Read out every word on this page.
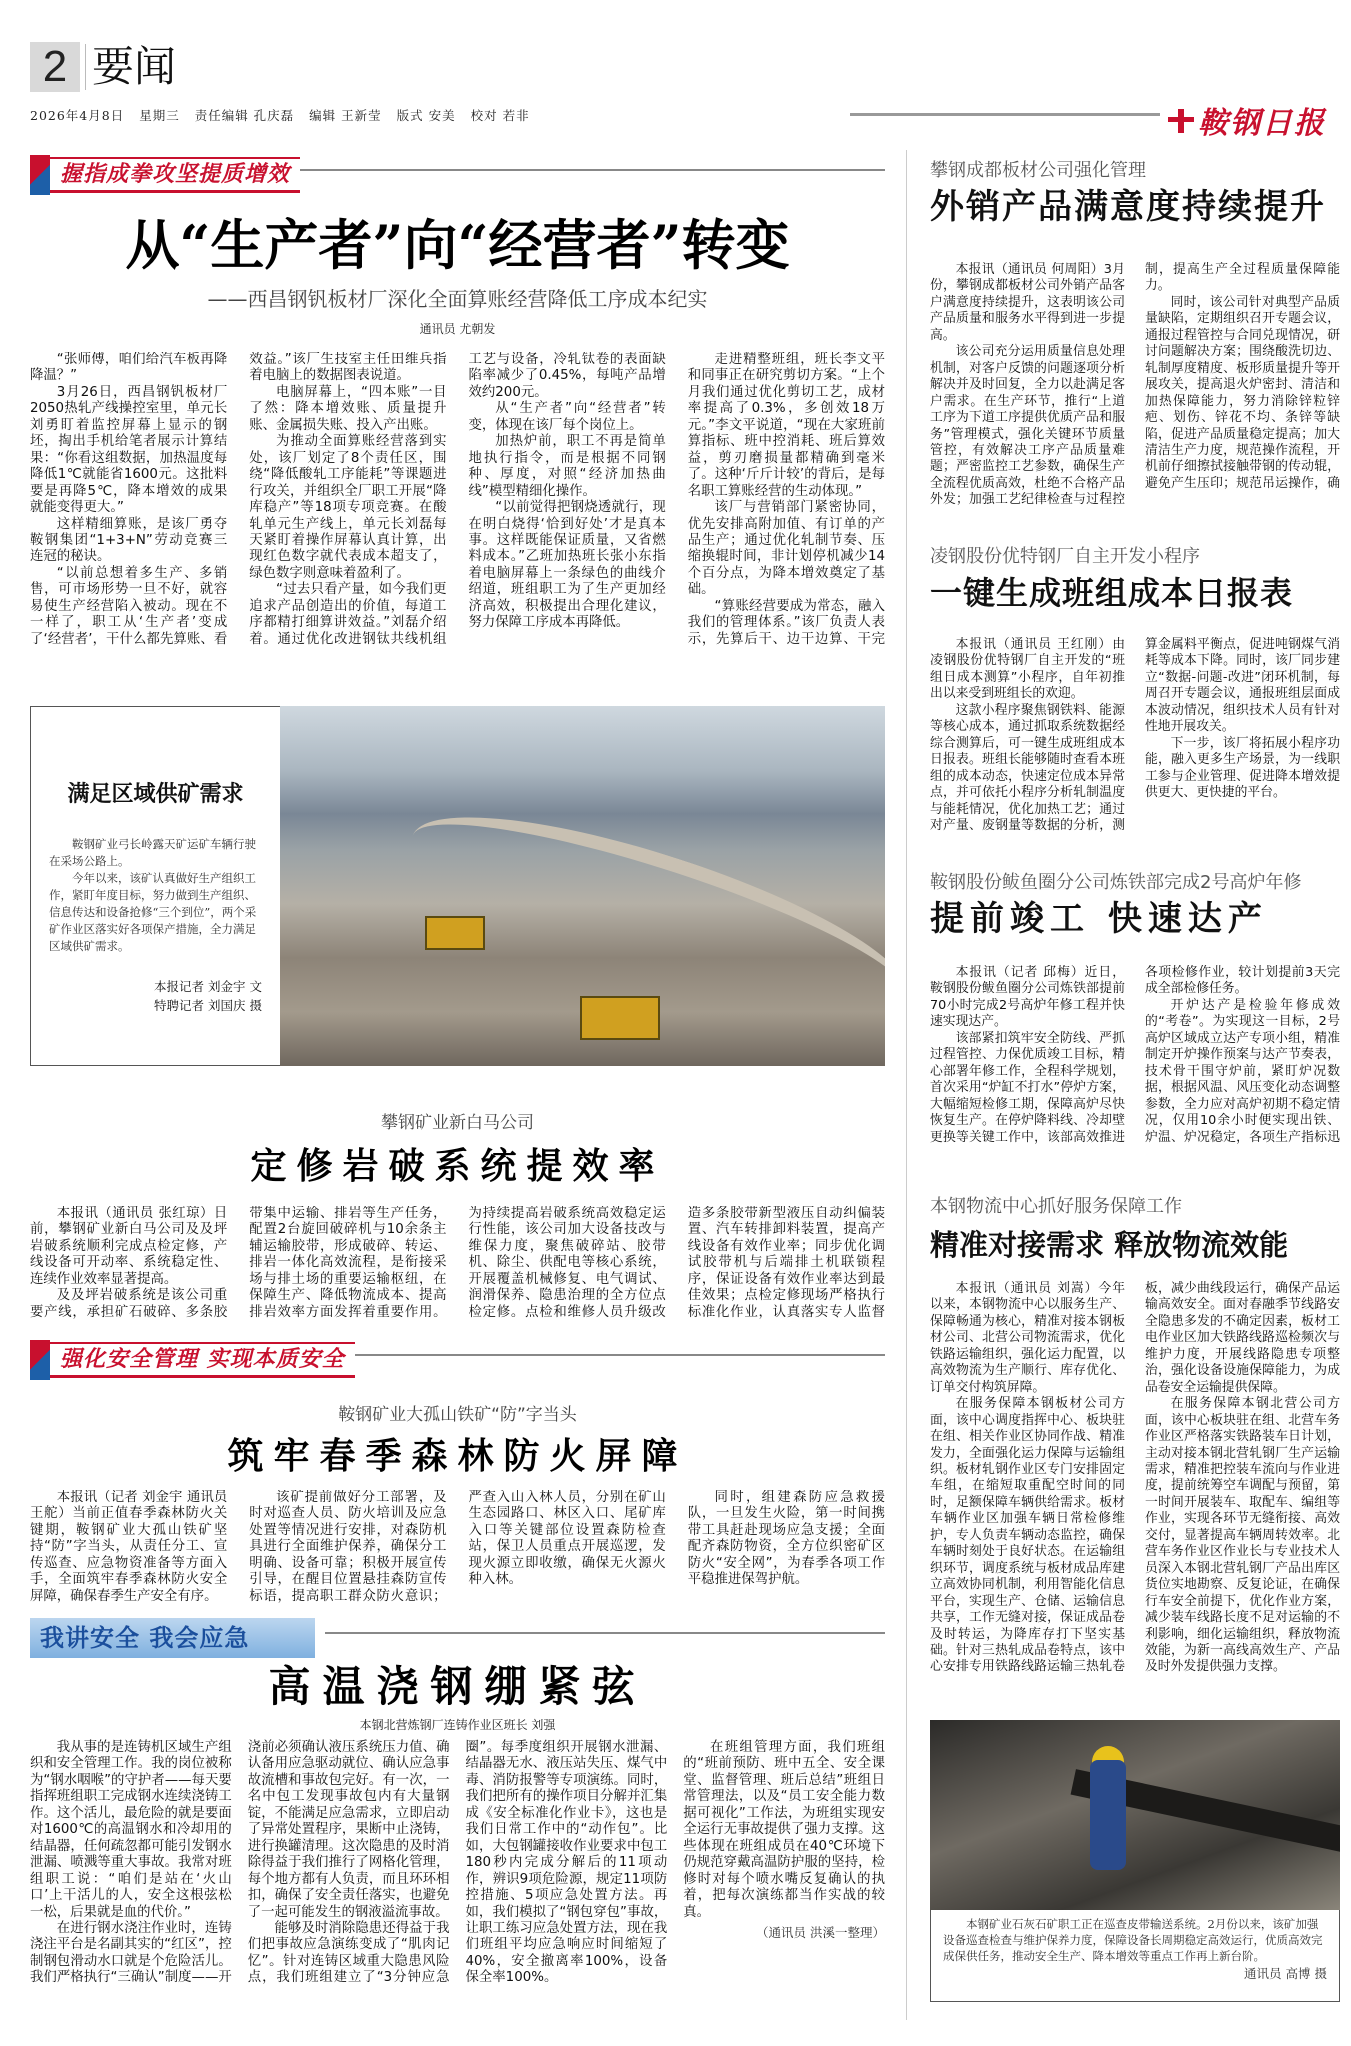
2 要闻
2026年4月8日 星期三 责任编辑 孔庆磊 编辑 王新莹 版式 安美 校对 若非	鞍钢日报
握指成拳攻坚提质增效
从“生产者”向“经营者”转变
——西昌钢钒板材厂深化全面算账经营降低工序成本纪实
通讯员 尤朝发

“张师傅，咱们给汽车板再降降温？”

3月26日，西昌钢钒板材厂2050热轧产线操控室里，单元长刘勇盯着监控屏幕上显示的钢坯，掏出手机给笔者展示计算结果：“你看这组数据，加热温度每降低1℃就能省1600元。这批料要是再降5℃，降本增效的成果就能变得更大。”

这样精细算账，是该厂勇夺鞍钢集团“1+3+N”劳动竞赛三连冠的秘诀。

“以前总想着多生产、多销售，可市场形势一旦不好，就容易使生产经营陷入被动。现在不一样了，职工从‘生产者’变成了‘经营者’，干什么都先算账、看效益。”该厂生技室主任田维兵指着电脑上的数据图表说道。

电脑屏幕上，“四本账”一目了然：降本增效账、质量提升账、金属损失账、投入产出账。

为推动全面算账经营落到实处，该厂划定了8个责任区，围绕“降低酸轧工序能耗”等课题进行攻关，并组织全厂职工开展“降库稳产”等18项专项竞赛。在酸轧单元生产线上，单元长刘磊每天紧盯着操作屏幕认真计算，出现红色数字就代表成本超支了，绿色数字则意味着盈利了。

“过去只看产量，如今我们更追求产品创造出的价值，每道工序都精打细算讲效益。”刘磊介绍着。通过优化改进钢钛共线机组工艺与设备，冷轧钛卷的表面缺陷率减少了0.45%，每吨产品增效约200元。

从“生产者”向“经营者”转变，体现在该厂每个岗位上。

加热炉前，职工不再是简单地执行指令，而是根据不同钢种、厚度，对照“经济加热曲线”模型精细化操作。

“以前觉得把钢烧透就行，现在明白烧得‘恰到好处’才是真本事。这样既能保证质量，又省燃料成本。”乙班加热班长张小东指着电脑屏幕上一条绿色的曲线介绍道，班组职工为了生产更加经济高效，积极提出合理化建议，努力保障工序成本再降低。

走进精整班组，班长李文平和同事正在研究剪切方案。“上个月我们通过优化剪切工艺，成材率提高了0.3%，多创效18万元。”李文平说道，“现在大家班前算指标、班中控消耗、班后算效益，剪刃磨损量都精确到毫米了。这种‘斤斤计较’的背后，是每名职工算账经营的生动体现。”

该厂与营销部门紧密协同，优先安排高附加值、有订单的产品生产；通过优化轧制节奏、压缩换辊时间，非计划停机减少14个百分点，为降本增效奠定了基础。

“算账经营要成为常态，融入我们的管理体系。”该厂负责人表示，先算后干、边干边算、干完

满足区域供矿需求

鞍钢矿业弓长岭露天矿运矿车辆行驶在采场公路上。

今年以来，该矿认真做好生产组织工作，紧盯年度目标，努力做到生产组织、信息传达和设备抢修“三个到位”，两个采矿作业区落实好各项保产措施，全力满足区域供矿需求。

本报记者 刘金宇 文
特聘记者 刘国庆 摄
攀钢矿业新白马公司
定修岩破系统提效率

本报讯（通讯员 张红琼）日前，攀钢矿业新白马公司及及坪岩破系统顺利完成点检定修，产线设备可开动率、系统稳定性、连续作业效率显著提高。

及及坪岩破系统是该公司重要产线，承担矿石破碎、多条胶带集中运输、排岩等生产任务，配置2台旋回破碎机与10余条主辅运输胶带，形成破碎、转运、排岩一体化高效流程，是衔接采场与排土场的重要运输枢纽，在保障生产、降低物流成本、提高排岩效率方面发挥着重要作用。为持续提高岩破系统高效稳定运行性能，该公司加大设备技改与维保力度，聚焦破碎站、胶带机、除尘、供配电等核心系统，开展覆盖机械修复、电气调试、润滑保养、隐患治理的全方位点检定修。点检和维修人员升级改造多条胶带新型液压自动纠偏装置、汽车转排卸料装置，提高产线设备有效作业率；同步优化调试胶带机与后端排土机联锁程序，保证设备有效作业率达到最佳效果；点检定修现场严格执行标准化作业，认真落实专人监督

强化安全管理 实现本质安全
鞍钢矿业大孤山铁矿“防”字当头
筑牢春季森林防火屏障

本报讯（记者 刘金宇 通讯员 王舵）当前正值春季森林防火关键期，鞍钢矿业大孤山铁矿坚持“防”字当头，从责任分工、宣传巡查、应急物资准备等方面入手，全面筑牢春季森林防火安全屏障，确保春季生产安全有序。

该矿提前做好分工部署，及时对巡查人员、防火培训及应急处置等情况进行安排，对森防机具进行全面维护保养，确保分工明确、设备可靠；积极开展宣传引导，在醒目位置悬挂森防宣传标语，提高职工群众防火意识；严查入山入林人员，分别在矿山生态园路口、林区入口、尾矿库入口等关键部位设置森防检查站，保卫人员重点开展巡逻，发现火源立即收缴，确保无火源火种入林。

同时，组建森防应急救援队，一旦发生火险，第一时间携带工具赶赴现场应急支援；全面配齐森防物资，全方位织密矿区防火“安全网”，为春季各项工作平稳推进保驾护航。

我讲安全 我会应急
高温浇钢绷紧弦
本钢北营炼钢厂连铸作业区班长 刘强

我从事的是连铸机区域生产组织和安全管理工作。我的岗位被称为“钢水咽喉”的守护者——每天要指挥班组职工完成钢水连续浇铸工作。这个活儿，最危险的就是要面对1600℃的高温钢水和冷却用的结晶器，任何疏忽都可能引发钢水泄漏、喷溅等重大事故。我常对班组职工说：“咱们是站在‘火山口’上干活儿的人，安全这根弦松一松，后果就是血的代价。”

在进行钢水浇注作业时，连铸浇注平台是名副其实的“红区”，控制钢包滑动水口就是个危险活儿。我们严格执行“三确认”制度——开浇前必须确认液压系统压力值、确认备用应急驱动就位、确认应急事故流槽和事故包完好。有一次，一名中包工发现事故包内有大量钢锭，不能满足应急需求，立即启动了异常处置程序，果断中止浇铸，进行换罐清理。这次隐患的及时消除得益于我们推行了网格化管理，每个地方都有人负责，而且环环相扣，确保了安全责任落实，也避免了一起可能发生的钢液溢流事故。

能够及时消除隐患还得益于我们把事故应急演练变成了“肌肉记忆”。针对连铸区域重大隐患风险点，我们班组建立了“3分钟应急圈”。每季度组织开展钢水泄漏、结晶器无水、液压站失压、煤气中毒、消防报警等专项演练。同时，我们把所有的操作项目分解并汇集成《安全标准化作业卡》，这也是我们日常工作中的“动作包”。比如，大包钢罐接收作业要求中包工180秒内完成分解后的11项动作，辨识9项危险源，规定11项防控措施、5项应急处置方法。再如，我们模拟了“钢包穿包”事故，让职工练习应急处置方法，现在我们班组平均应急响应时间缩短了40%，安全撤离率100%，设备保全率100%。

在班组管理方面，我们班组的“班前预防、班中五全、安全课堂、监督管理、班后总结”班组日常管理法，以及“员工安全能力数据可视化”工作法，为班组实现安全运行无事故提供了强力支撑。这些体现在班组成员在40℃环境下仍规范穿戴高温防护服的坚持，检修时对每个喷水嘴反复确认的执着，把每次演练都当作实战的较真。

（通讯员 洪溪一整理）
攀钢成都板材公司强化管理
外销产品满意度持续提升

本报讯（通讯员 何周阳）3月份，攀钢成都板材公司外销产品客户满意度持续提升，这表明该公司产品质量和服务水平得到进一步提高。

该公司充分运用质量信息处理机制，对客户反馈的问题逐项分析解决并及时回复，全力以赴满足客户需求。在生产环节，推行“上道工序为下道工序提供优质产品和服务”管理模式，强化关键环节质量管控，有效解决工序产品质量难题；严密监控工艺参数，确保生产全流程优质高效，杜绝不合格产品外发；加强工艺纪律检查与过程控制，提高生产全过程质量保障能力。

同时，该公司针对典型产品质量缺陷，定期组织召开专题会议，通报过程管控与合同兑现情况，研讨问题解决方案；围绕酸洗切边、轧制厚度精度、板形质量提升等开展攻关，提高退火炉密封、清洁和加热保障能力，努力消除锌粒锌疤、划伤、锌花不均、条锌等缺陷，促进产品质量稳定提高；加大清洁生产力度，规范操作流程，开机前仔细擦拭接触带钢的传动辊，避免产生压印；规范吊运操作，确

凌钢股份优特钢厂自主开发小程序
一键生成班组成本日报表

本报讯（通讯员 王红刚）由凌钢股份优特钢厂自主开发的“班组日成本测算”小程序，自年初推出以来受到班组长的欢迎。

这款小程序聚焦钢铁料、能源等核心成本，通过抓取系统数据经综合测算后，可一键生成班组成本日报表。班组长能够随时查看本班组的成本动态，快速定位成本异常点，并可依托小程序分析轧制温度与能耗情况，优化加热工艺；通过对产量、废钢量等数据的分析，测算金属料平衡点，促进吨钢煤气消耗等成本下降。同时，该厂同步建立“数据-问题-改进”闭环机制，每周召开专题会议，通报班组层面成本波动情况，组织技术人员有针对性地开展攻关。

下一步，该厂将拓展小程序功能，融入更多生产场景，为一线职工参与企业管理、促进降本增效提供更大、更快捷的平台。

鞍钢股份鲅鱼圈分公司炼铁部完成2号高炉年修
提前竣工 快速达产

本报讯（记者 邱梅）近日，鞍钢股份鲅鱼圈分公司炼铁部提前70小时完成2号高炉年修工程并快速实现达产。

该部紧扣筑牢安全防线、严抓过程管控、力保优质竣工目标，精心部署年修工作，全程科学规划，首次采用“炉缸不打水”停炉方案，大幅缩短检修工期，保障高炉尽快恢复生产。在停炉降料线、冷却壁更换等关键工作中，该部高效推进各项检修作业，较计划提前3天完成全部检修任务。

开炉达产是检验年修成效的“考卷”。为实现这一目标，2号高炉区域成立达产专项小组，精准制定开炉操作预案与达产节奏表，技术骨干围守炉前，紧盯炉况数据，根据风温、风压变化动态调整参数，全力应对高炉初期不稳定情况，仅用10余小时便实现出铁、炉温、炉况稳定，各项生产指标迅

本钢物流中心抓好服务保障工作
精准对接需求 释放物流效能

本报讯（通讯员 刘嵩）今年以来，本钢物流中心以服务生产、保障畅通为核心，精准对接本钢板材公司、北营公司物流需求，优化铁路运输组织，强化运力配置，以高效物流为生产顺行、库存优化、订单交付构筑屏障。

在服务保障本钢板材公司方面，该中心调度指挥中心、板块驻在组、相关作业区协同作战、精准发力，全面强化运力保障与运输组织。板材轧钢作业区专门安排固定车组，在缩短取重配空时间的同时，足额保障车辆供给需求。板材车辆作业区加强车辆日常检修维护，专人负责车辆动态监控，确保车辆时刻处于良好状态。在运输组织环节，调度系统与板材成品库建立高效协同机制，利用智能化信息平台，实现生产、仓储、运输信息共享，工作无缝对接，保证成品卷及时转运，为降库存打下坚实基础。针对三热轧成品卷特点，该中心安排专用铁路线路运输三热轧卷板，减少曲线段运行，确保产品运输高效安全。面对春融季节线路安全隐患多发的不确定因素，板材工电作业区加大铁路线路巡检频次与维护力度，开展线路隐患专项整治，强化设备设施保障能力，为成品卷安全运输提供保障。

在服务保障本钢北营公司方面，该中心板块驻在组、北营车务作业区严格落实铁路装车日计划，主动对接本钢北营轧钢厂生产运输需求，精准把控装车流向与作业进度，提前统筹空车调配与预留，第一时间开展装车、取配车、编组等作业，实现各环节无缝衔接、高效交付，显著提高车辆周转效率。北营车务作业区作业长与专业技术人员深入本钢北营轧钢厂产品出库区货位实地勘察、反复论证，在确保行车安全前提下，优化作业方案，减少装车线路长度不足对运输的不利影响，细化运输组织，释放物流效能，为新一高线高效生产、产品及时外发提供强力支撑。

本钢矿业石灰石矿职工正在巡查皮带输送系统。2月份以来，该矿加强设备巡查检查与维护保养力度，保障设备长周期稳定高效运行，优质高效完成保供任务，推动安全生产、降本增效等重点工作再上新台阶。

通讯员 高博 摄
